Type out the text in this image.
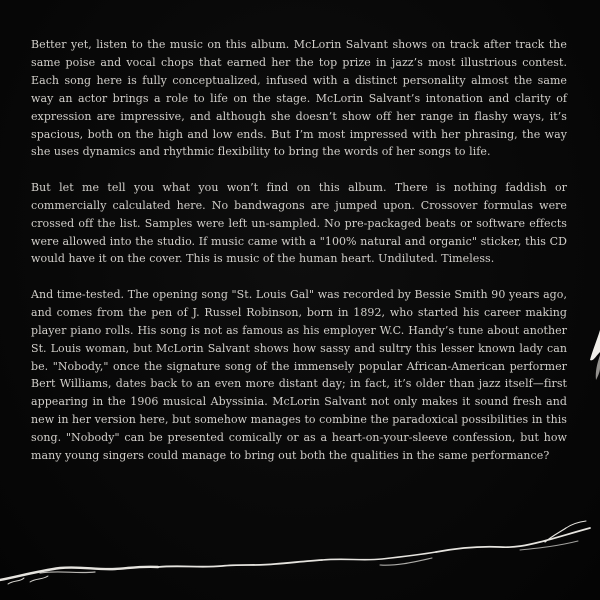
Better yet, listen to the music on this album. McLorin Salvant shows on track after track the same poise and vocal chops that earned her the top prize in jazz’s most illustrious contest. Each song here is fully conceptualized, infused with a distinct personality almost the same way an actor brings a role to life on the stage. McLorin Salvant’s intonation and clarity of expression are impressive, and although she doesn’t show off her range in flashy ways, it’s spacious, both on the high and low ends. But I’m most impressed with her phrasing, the way she uses dynamics and rhythmic flexibility to bring the words of her songs to life.

But let me tell you what you won’t find on this album. There is nothing faddish or commercially calculated here. No bandwagons are jumped upon. Crossover formulas were crossed off the list. Samples were left un-sampled. No pre-packaged beats or software effects were allowed into the studio. If music came with a "100% natural and organic" sticker, this CD would have it on the cover. This is music of the human heart. Undiluted. Timeless.

And time-tested. The opening song "St. Louis Gal" was recorded by Bessie Smith 90 years ago, and comes from the pen of J. Russel Robinson, born in 1892, who started his career making player piano rolls. His song is not as famous as his employer W.C. Handy’s tune about another St. Louis woman, but McLorin Salvant shows how sassy and sultry this lesser known lady can be. "Nobody," once the signature song of the immensely popular African-American performer Bert Williams, dates back to an even more distant day; in fact, it’s older than jazz itself—first appearing in the 1906 musical Abyssinia. McLorin Salvant not only makes it sound fresh and new in her version here, but somehow manages to combine the paradoxical possibilities in this song. "Nobody" can be presented comically or as a heart-on-your-sleeve confession, but how many young singers could manage to bring out both the qualities in the same performance?
